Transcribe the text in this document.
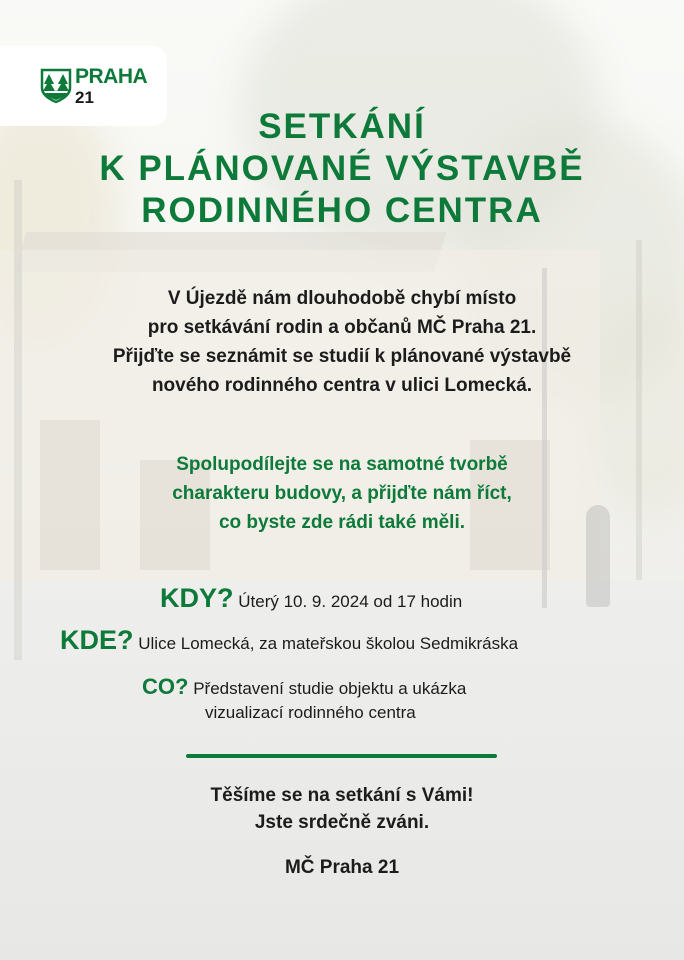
PRAHA
21
SETKÁNÍ
K PLÁNOVANÉ VÝSTAVBĚ
RODINNÉHO CENTRA
V Újezdě nám dlouhodobě chybí místo
pro setkávání rodin a občanů MČ Praha 21.
Přijďte se seznámit se studií k plánované výstavbě
nového rodinného centra v ulici Lomecká.
Spolupodílejte se na samotné tvorbě
charakteru budovy, a přijďte nám říct,
co byste zde rádi také měli.
KDY? Úterý 10. 9. 2024 od 17 hodin
KDE? Ulice Lomecká, za mateřskou školou Sedmikráska
CO? Představení studie objektu a ukázka
vizualizací rodinného centra
Těšíme se na setkání s Vámi!
Jste srdečně zváni.
MČ Praha 21
